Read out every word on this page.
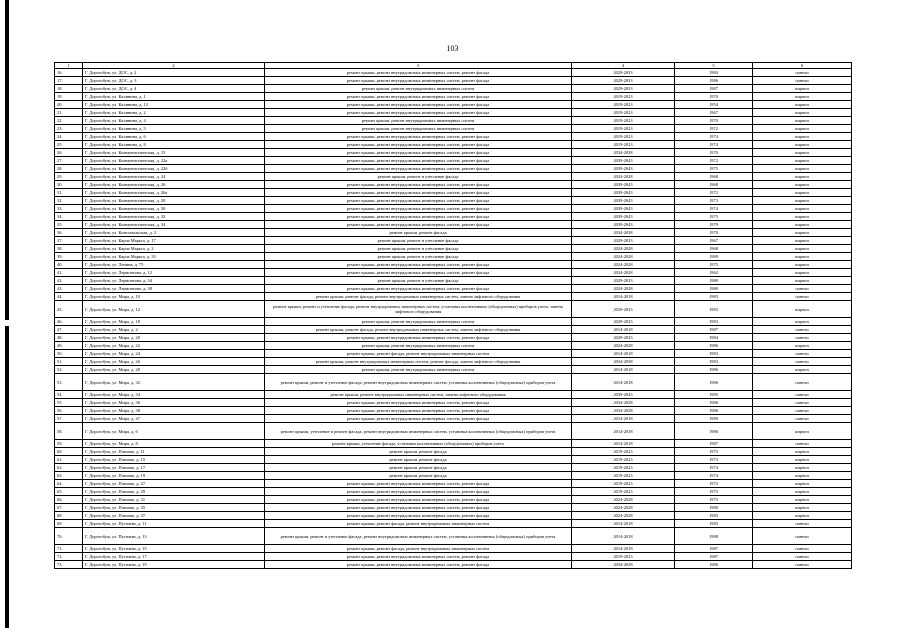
103
1	2	3	4	5	6
16.	Г. Дорогобуж, ул. ДОС, д. 2	ремонт крыши, ремонт внутридомовых инженерных систем, ремонт фасада	2029-2033	1984	панели
17.	Г. Дорогобуж, ул. ДОС, д. 3	ремонт крыши, ремонт внутридомовых инженерных систем, ремонт фасада	2029-2033	1986	панели
18.	Г. Дорогобуж, ул. ДОС, д. 4	ремонт крыши, ремонт внутридомовых инженерных систем	2029-2033	1987	кирпич
19.	Г. Дорогобуж, ул. Калинина, д. 1	ремонт крыши, ремонт внутридомовых инженерных систем, ремонт фасада	2019-2023	1970	кирпич
20.	Г. Дорогобуж, ул. Калинина, д. 12	ремонт крыши, ремонт внутридомовых инженерных систем, ремонт фасада	2019-2023	1954	кирпич
21.	Г. Дорогобуж, ул. Калинина, д. 2	ремонт крыши, ремонт внутридомовых инженерных систем, ремонт фасада	2019-2023	1967	кирпич
22.	Г. Дорогобуж, ул. Калинина, д. 4	ремонт крыши, ремонт внутридомовых инженерных систем	2019-2023	1970	кирпич
23.	Г. Дорогобуж, ул. Калинина, д. 5	ремонт крыши, ремонт внутридомовых инженерных систем	2019-2023	1972	кирпич
24.	Г. Дорогобуж, ул. Калинина, д. 6	ремонт крыши, ремонт внутридомовых инженерных систем, ремонт фасада	2019-2023	1974	кирпич
25.	Г. Дорогобуж, ул. Калинина, д. 8	ремонт крыши, ремонт внутридомовых инженерных систем, ремонт фасада	2019-2023	1974	кирпич
26.	Г. Дорогобуж, ул. Коммунистическая, д. 15	ремонт крыши, ремонт внутридомовых инженерных систем, ремонт фасада	2034-2038	1970	кирпич
27.	Г. Дорогобуж, ул. Коммунистическая, д. 22а	ремонт крыши, ремонт внутридомовых инженерных систем, ремонт фасада	2039-2043	1972	кирпич
28.	Г. Дорогобуж, ул. Коммунистическая, д. 22б	ремонт крыши, ремонт внутридомовых инженерных систем, ремонт фасада	2039-2043	1975	кирпич
29.	Г. Дорогобуж, ул. Коммунистическая, д. 24	ремонт крыши, ремонт и утепление фасада	2024-2028	1968	кирпич
30.	Г. Дорогобуж, ул. Коммунистическая, д. 26	ремонт крыши, ремонт внутридомовых инженерных систем, ремонт фасада	2039-2043	1968	кирпич
31.	Г. Дорогобуж, ул. Коммунистическая, д. 26а	ремонт крыши, ремонт внутридомовых инженерных систем, ремонт фасада	2039-2043	1972	кирпич
32.	Г. Дорогобуж, ул. Коммунистическая, д. 28	ремонт крыши, ремонт внутридомовых инженерных систем, ремонт фасада	2039-2043	1973	кирпич
33.	Г. Дорогобуж, ул. Коммунистическая, д. 30	ремонт крыши, ремонт внутридомовых инженерных систем, ремонт фасада	2039-2043	1974	кирпич
34.	Г. Дорогобуж, ул. Коммунистическая, д. 32	ремонт крыши, ремонт внутридомовых инженерных систем, ремонт фасада	2039-2043	1975	кирпич
35.	Г. Дорогобуж, ул. Коммунистическая, д. 34	ремонт крыши, ремонт внутридомовых инженерных систем, ремонт фасада	2039-2043	1979	кирпич
36.	Г. Дорогобуж, ул. Комсомольская, д. 2	ремонт крыши, ремонт фасада	2034-2038	1970	кирпич
37.	Г. Дорогобуж, ул. Карла Маркса, д. 17	ремонт крыши, ремонт и утепление фасада	2029-2033	1967	кирпич
38.	Г. Дорогобуж, ул. Карла Маркса, д. 2	ремонт крыши, ремонт и утепление фасада	2024-2028	1968	кирпич
39.	Г. Дорогобуж, ул. Карла Маркса, д. 33	ремонт крыши, ремонт и утепление фасада	2024-2028	1980	кирпич
40.	Г. Дорогобуж, ул. Ленина, д. 75	ремонт крыши, ремонт внутридомовых инженерных систем, ремонт фасада	2024-2028	1975	кирпич
41.	Г. Дорогобуж, ул. Лермонтова, д. 12	ремонт крыши, ремонт внутридомовых инженерных систем, ремонт фасада	2024-2028	1962	кирпич
42.	Г. Дорогобуж, ул. Лермонтова, д. 34	ремонт крыши, ремонт и утепление фасада	2029-2033	1980	кирпич
43.	Г. Дорогобуж, ул. Лермонтова, д. 38	ремонт крыши, ремонт внутридомовых инженерных систем, ремонт фасада	2024-2028	1980	панели
44.	Г. Дорогобуж, ул. Мира, д. 10	ремонт крыши, ремонт фасада, ремонт внутридомовых инженерных систем, замена лифтового оборудования	2014-2018	1983	панели
45.	Г. Дорогобуж, ул. Мира, д. 12	ремонт крыши, ремонт и утепление фасада, ремонт внутридомовых инженерных систем, установка коллективных (общедомовых) приборов учета, замена лифтового оборудования	2029-2033	1983	кирпич
46.	Г. Дорогобуж, ул. Мира, д. 18	ремонт крыши, ремонт внутридомовых инженерных систем	2029-2033	1983	кирпич
47.	Г. Дорогобуж, ул. Мира, д. 2	ремонт крыши, ремонт фасада, ремонт внутридомовых инженерных систем, замена лифтового оборудования	2014-2018	1987	панели
48.	Г. Дорогобуж, ул. Мира, д. 20	ремонт крыши, ремонт внутридомовых инженерных систем, ремонт фасада	2029-2033	1984	панели
49.	Г. Дорогобуж, ул. Мира, д. 22	ремонт крыши, ремонт внутридомовых инженерных систем	2024-2028	1986	кирпич
50.	Г. Дорогобуж, ул. Мира, д. 24	ремонт крыши, ремонт фасада, ремонт внутридомовых инженерных систем	2014-2018	1983	панели
51.	Г. Дорогобуж, ул. Мира, д. 26	ремонт крыши, ремонт внутридомовых инженерных систем, ремонт фасада, замена лифтового оборудования	2034-2038	1983	панели
52.	Г. Дорогобуж, ул. Мира, д. 28	ремонт крыши, ремонт внутридомовых инженерных систем	2014-2018	1986	кирпич
53.	Г. Дорогобуж, ул. Мира, д. 32	ремонт крыши, ремонт и утепление фасада, ремонт внутридомовых инженерных систем, установка коллективных (общедомовых) приборов учета	2014-2018	1986	панели
54.	Г. Дорогобуж, ул. Мира, д. 34	ремонт крыши, ремонт внутридомовых инженерных систем, замена лифтового оборудования	2039-2043	1985	панели
55.	Г. Дорогобуж, ул. Мира, д. 36	ремонт крыши, ремонт внутридомовых инженерных систем, ремонт фасада	2034-2038	1986	панели
56.	Г. Дорогобуж, ул. Мира, д. 38	ремонт крыши, ремонт внутридомовых инженерных систем, ремонт фасада	2034-2038	1986	панели
57.	Г. Дорогобуж, ул. Мира, д. 47	ремонт крыши, ремонт внутридомовых инженерных систем, ремонт фасада	2014-2018	1989	панели
58.	Г. Дорогобуж, ул. Мира, д. 6	ремонт крыши, утепление и ремонт фасада, ремонт внутридомовых инженерных систем, установка коллективных (общедомовых) приборов учета	2014-2018	1986	кирпич
59.	Г. Дорогобуж, ул. Мира, д. 8	ремонт крыши, утепление фасада, установка коллективных (общедомовых) приборов учета	2014-2018	1987	панели
60.	Г. Дорогобуж, ул. Павлова, д. 11	ремонт крыши, ремонт фасада	2019-2023	1975	кирпич
61.	Г. Дорогобуж, ул. Павлова, д. 15	ремонт крыши, ремонт фасада	2019-2023	1973	кирпич
62.	Г. Дорогобуж, ул. Павлова, д. 17	ремонт крыши, ремонт фасада	2019-2023	1974	кирпич
63.	Г. Дорогобуж, ул. Павлова, д. 19	ремонт крыши, ремонт фасада	2019-2023	1974	кирпич
64.	Г. Дорогобуж, ул. Павлова, д. 27	ремонт крыши, ремонт внутридомовых инженерных систем, ремонт фасада	2019-2023	1972	кирпич
65.	Г. Дорогобуж, ул. Павлова, д. 29	ремонт крыши, ремонт внутридомовых инженерных систем, ремонт фасада	2019-2023	1975	кирпич
66.	Г. Дорогобуж, ул. Павлова, д. 31	ремонт крыши, ремонт внутридомовых инженерных систем, ремонт фасада	2024-2028	1975	кирпич
67.	Г. Дорогобуж, ул. Павлова, д. 35	ремонт крыши, ремонт внутридомовых инженерных систем, ремонт фасада	2024-2028	1980	кирпич
68.	Г. Дорогобуж, ул. Павлова, д. 37	ремонт крыши, ремонт внутридомовых инженерных систем, ремонт фасада	2024-2028	1983	кирпич
69.	Г. Дорогобуж, ул. Пугачева, д. 11	ремонт крыши, ремонт фасада, ремонт внутридомовых инженерных систем	2014-2018	1983	панели
70.	Г. Дорогобуж, ул. Пугачева, д. 13	ремонт крыши, ремонт и утепление фасада, ремонт внутридомовых инженерных систем, установка коллективных (общедомовых) приборов учета	2014-2018	1988	панели
71.	Г. Дорогобуж, ул. Пугачева, д. 15	ремонт крыши, ремонт фасада, ремонт внутридомовых инженерных систем	2014-2018	1987	панели
72.	Г. Дорогобуж, ул. Пугачева, д. 17	ремонт крыши, ремонт внутридомовых инженерных систем, ремонт фасада	2019-2023	1987	панели
73.	Г. Дорогобуж, ул. Пугачева, д. 19	ремонт крыши, ремонт внутридомовых инженерных систем, ремонт фасада	2034-2038	1986	панели
